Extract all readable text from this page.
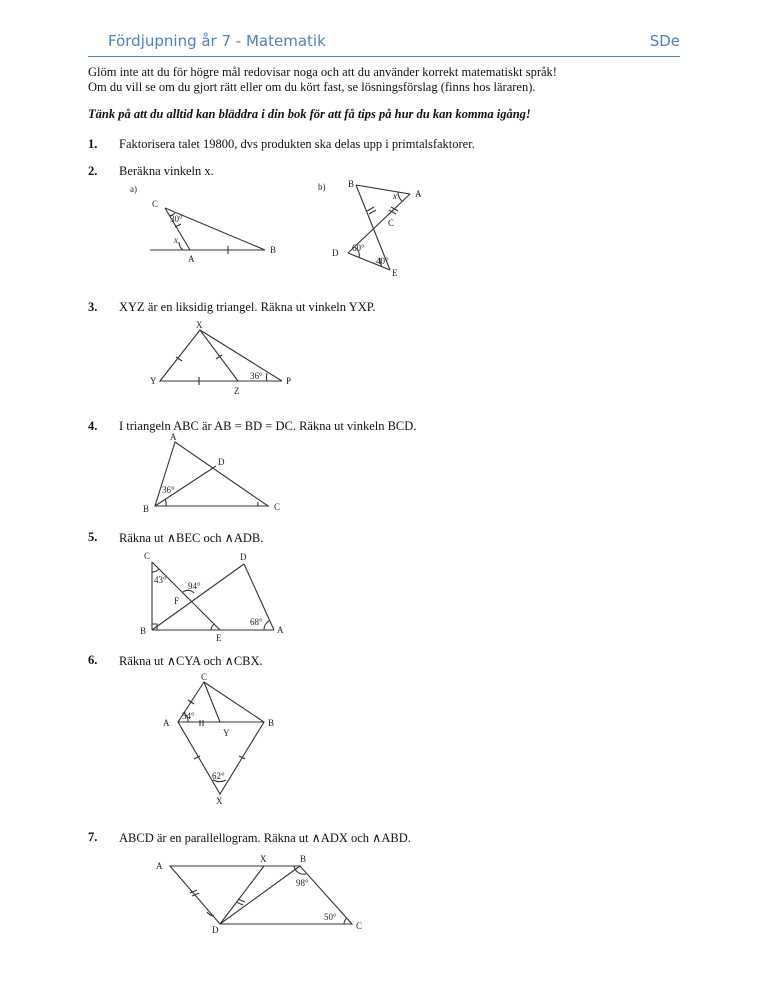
Fördjupning år 7 - Matematik	SDe
Glöm inte att du för högre mål redovisar noga och att du använder korrekt matematiskt språk!
Om du vill se om du gjort rätt eller om du kört fast, se lösningsförslag (finns hos läraren).
Tänk på att du alltid kan bläddra i din bok för att få tips på hur du kan komma igång!
1. Faktorisera talet 19800, dvs produkten ska delas upp i primtalsfaktorer.
2. Beräkna vinkeln x.
a)
C
30°
x
A
B
b)	B
A
C
D
E
x
60°
40°
3. XYZ är en liksidig triangel. Räkna ut vinkeln YXP.
X
Y
Z
P
36°
4. I triangeln ABC är AB = BD = DC. Räkna ut vinkeln BCD.
A
D
B	C
36°
5. Räkna ut ∧BEC och ∧ADB.
C	D
F
B
E
A
43°
94°
68°
6. Räkna ut ∧CYA och ∧CBX.
C
A	B
Y
X
54°
62°
7. ABCD är en parallellogram. Räkna ut ∧ADX och ∧ABD.
A
X	B
D	C
98°
50°
